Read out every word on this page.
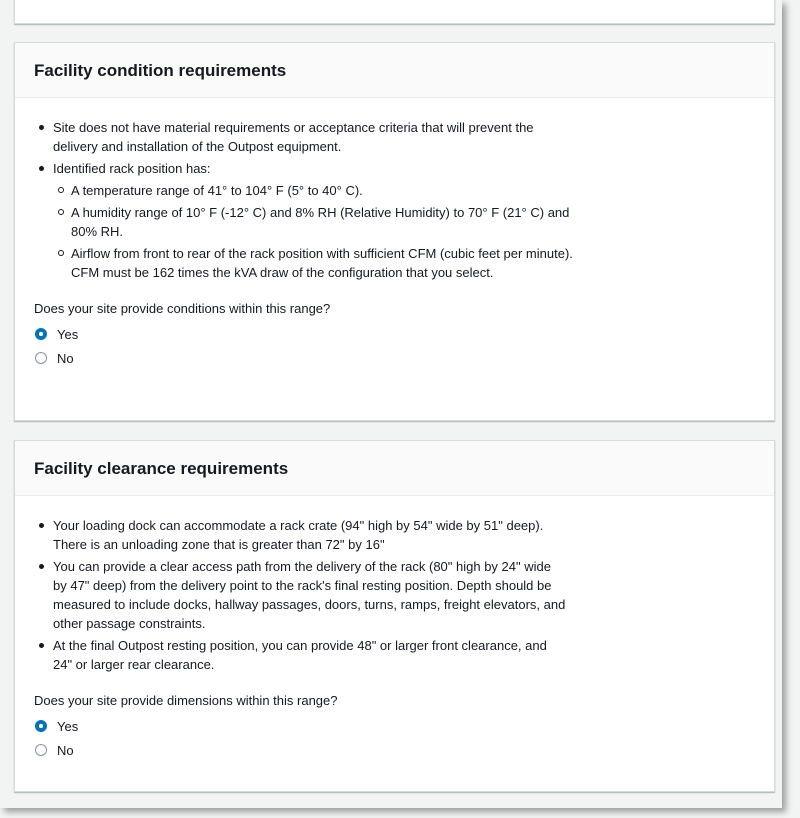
Facility condition requirements
Site does not have material requirements or acceptance criteria that will prevent the delivery and installation of the Outpost equipment.
Identified rack position has:
A temperature range of 41° to 104° F (5° to 40° C).
A humidity range of 10° F (-12° C) and 8% RH (Relative Humidity) to 70° F (21° C) and 80% RH.
Airflow from front to rear of the rack position with sufficient CFM (cubic feet per minute). CFM must be 162 times the kVA draw of the configuration that you select.
Does your site provide conditions within this range?
Yes
No
Facility clearance requirements
Your loading dock can accommodate a rack crate (94" high by 54" wide by 51" deep). There is an unloading zone that is greater than 72" by 16"
You can provide a clear access path from the delivery of the rack (80" high by 24" wide by 47" deep) from the delivery point to the rack's final resting position. Depth should be measured to include docks, hallway passages, doors, turns, ramps, freight elevators, and other passage constraints.
At the final Outpost resting position, you can provide 48" or larger front clearance, and 24" or larger rear clearance.
Does your site provide dimensions within this range?
Yes
No
